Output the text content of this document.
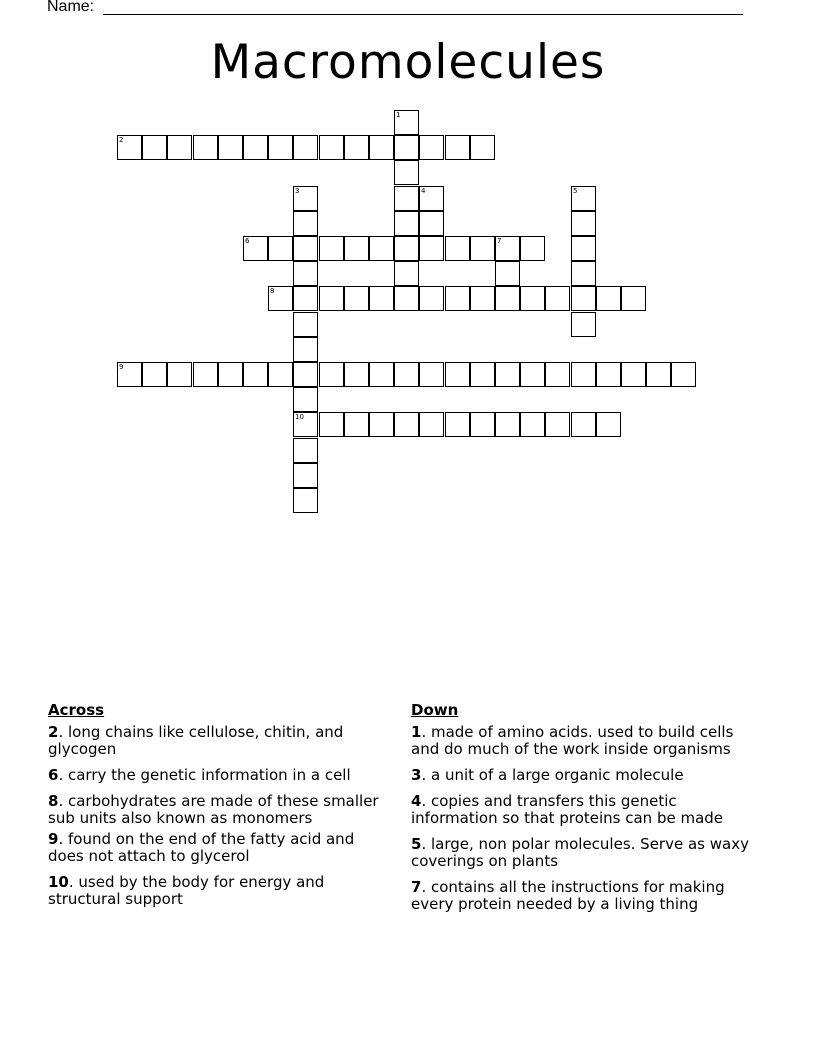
Name:
Macromolecules
1
2
3
10
4	5
6	7
8
9
Across
2. long chains like cellulose, chitin, and glycogen
6. carry the genetic information in a cell
8. carbohydrates are made of these smaller sub units also known as monomers
9. found on the end of the fatty acid and does not attach to glycerol
10. used by the body for energy and structural support
Down
1. made of amino acids. used to build cells and do much of the work inside organisms
3. a unit of a large organic molecule
4. copies and transfers this genetic information so that proteins can be made
5. large, non polar molecules. Serve as waxy coverings on plants
7. contains all the instructions for making every protein needed by a living thing
